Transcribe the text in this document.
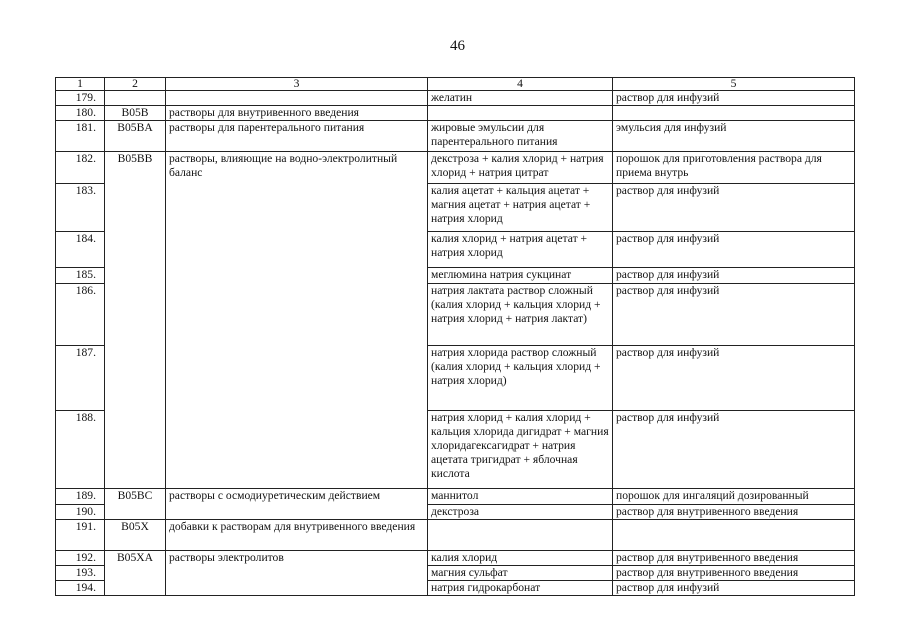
46
1	2	3	4	5
179.			желатин	раствор для инфузий
180.	B05B	растворы для внутривенного введения		
181.	B05BA	растворы для парентерального питания	жировые эмульсии для парентерального питания	эмульсия для инфузий
182.	B05BB	растворы, влияющие на водно-электролитный баланс	декстроза + калия хлорид + натрия хлорид + натрия цитрат	порошок для приготовления раствора для приема внутрь
183.			калия ацетат + кальция ацетат + магния ацетат + натрия ацетат + натрия хлорид	раствор для инфузий
184.			калия хлорид + натрия ацетат + натрия хлорид	раствор для инфузий
185.			меглюмина натрия сукцинат	раствор для инфузий
186.			натрия лактата раствор сложный (калия хлорид + кальция хлорид + натрия хлорид + натрия лактат)	раствор для инфузий
187.			натрия хлорида раствор сложный (калия хлорид + кальция хлорид + натрия хлорид)	раствор для инфузий
188.			натрия хлорид + калия хлорид + кальция хлорида дигидрат + магния хлоридагексагидрат + натрия ацетата тригидрат + яблочная кислота	раствор для инфузий
189.	B05BC	растворы с осмодиуретическим действием	маннитол	порошок для ингаляций дозированный
190.			декстроза	раствор для внутривенного введения
191.	B05X	добавки к растворам для внутривенного введения		
192.	B05XA	растворы электролитов	калия хлорид	раствор для внутривенного введения
193.			магния сульфат	раствор для внутривенного введения
194.			натрия гидрокарбонат	раствор для инфузий
